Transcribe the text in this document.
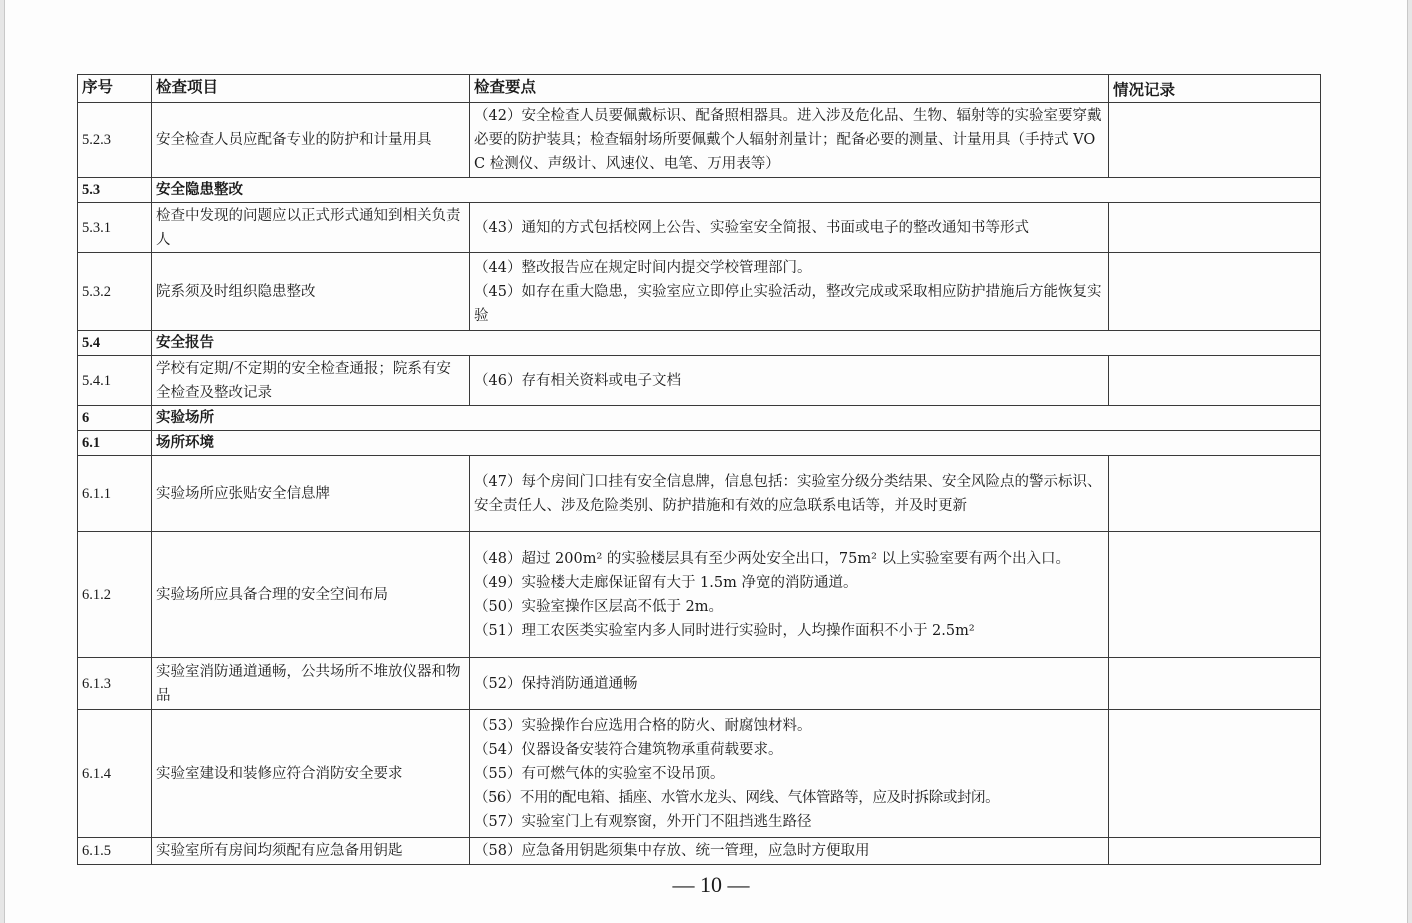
序号	检查项目	检查要点	情况记录
5.2.3	安全检查人员应配备专业的防护和计量用具	（42）安全检查人员要佩戴标识、配备照相器具。进入涉及危化品、生物、辐射等的实验室要穿戴必要的防护装具；检查辐射场所要佩戴个人辐射剂量计；配备必要的测量、计量用具（手持式 VOC 检测仪、声级计、风速仪、电笔、万用表等）	

5.3	安全隐患整改		
5.3.1	检查中发现的问题应以正式形式通知到相关负责人	（43）通知的方式包括校网上公告、实验室安全简报、书面或电子的整改通知书等形式	

5.3.2	院系须及时组织隐患整改	（44）整改报告应在规定时间内提交学校管理部门。
（45）如存在重大隐患，实验室应立即停止实验活动，整改完成或采取相应防护措施后方能恢复实验	

5.4	安全报告		
5.4.1	学校有定期/不定期的安全检查通报；院系有安全检查及整改记录	（46）存有相关资料或电子文档	

6	实验场所		
6.1	场所环境		
6.1.1	实验场所应张贴安全信息牌	（47）每个房间门口挂有安全信息牌，信息包括：实验室分级分类结果、安全风险点的警示标识、安全责任人、涉及危险类别、防护措施和有效的应急联系电话等，并及时更新	

6.1.2	实验场所应具备合理的安全空间布局	（48）超过 200m² 的实验楼层具有至少两处安全出口，75m² 以上实验室要有两个出入口。
（49）实验楼大走廊保证留有大于 1.5m 净宽的消防通道。
（50）实验室操作区层高不低于 2m。
（51）理工农医类实验室内多人同时进行实验时，人均操作面积不小于 2.5m²	

6.1.3	实验室消防通道通畅，公共场所不堆放仪器和物品	（52）保持消防通道通畅	

6.1.4	实验室建设和装修应符合消防安全要求	（53）实验操作台应选用合格的防火、耐腐蚀材料。
（54）仪器设备安装符合建筑物承重荷载要求。
（55）有可燃气体的实验室不设吊顶。
（56）不用的配电箱、插座、水管水龙头、网线、气体管路等，应及时拆除或封闭。
（57）实验室门上有观察窗，外开门不阻挡逃生路径	

6.1.5	实验室所有房间均须配有应急备用钥匙	（58）应急备用钥匙须集中存放、统一管理，应急时方便取用	

— 10 —
